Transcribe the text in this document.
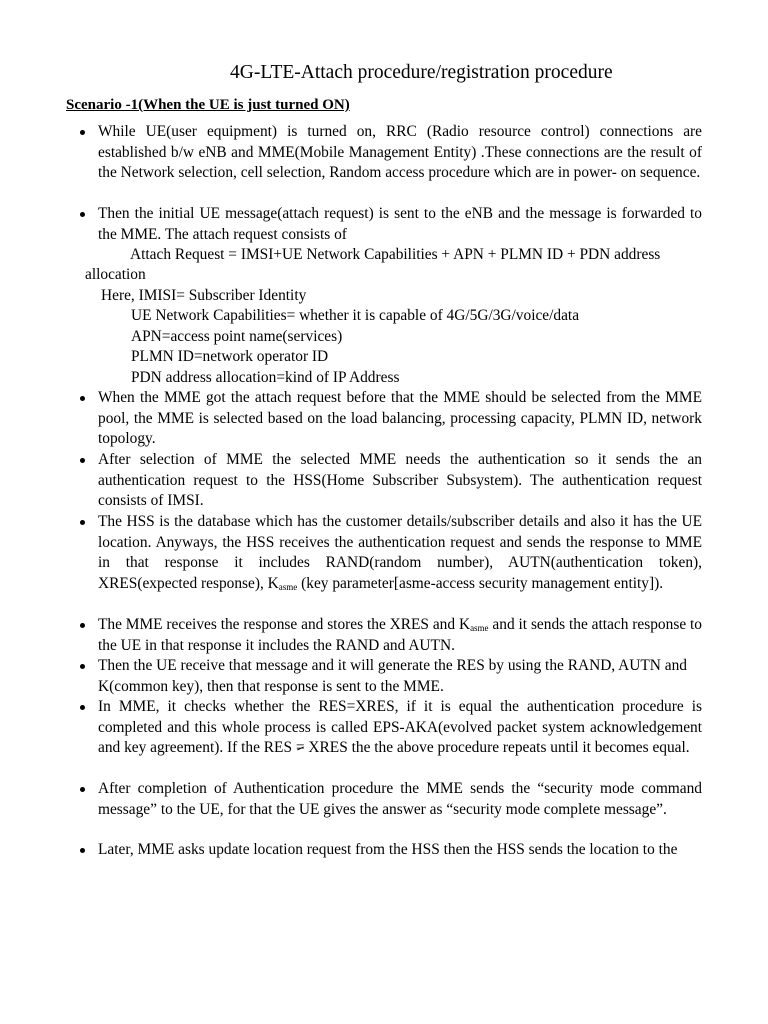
4G-LTE-Attach procedure/registration procedure
Scenario -1(When the UE is just turned ON)
While UE(user equipment) is turned on, RRC (Radio resource control) connections are established b/w eNB and MME(Mobile Management Entity) .These connections are the result of the Network selection, cell selection, Random access procedure which are in power- on sequence.
Then the initial UE message(attach request) is sent to the eNB and the message is forwarded to the MME. The attach request consists of
Attach Request = IMSI+UE Network Capabilities + APN + PLMN ID + PDN address
allocation
Here, IMISI= Subscriber Identity
UE Network Capabilities= whether it is capable of 4G/5G/3G/voice/data
APN=access point name(services)
PLMN ID=network operator ID
PDN address allocation=kind of IP Address
When the MME got the attach request before that the MME should be selected from the MME pool, the MME is selected based on the load balancing, processing capacity, PLMN ID, network topology.
After selection of MME the selected MME needs the authentication so it sends the an authentication request to the HSS(Home Subscriber Subsystem). The authentication request consists of IMSI.
The HSS is the database which has the customer details/subscriber details and also it has the UE location. Anyways, the HSS receives the authentication request and sends the response to MME in that response it includes RAND(random number), AUTN(authentication token), XRES(expected response), $K_{asme}$ (key parameter[asme-access security management entity]).
The MME receives the response and stores the XRES and $K_{asme}$ and it sends the attach response to the UE in that response it includes the RAND and AUTN.
Then the UE receive that message and it will generate the RES by using the RAND, AUTN and K(common key), then that response is sent to the MME.
In MME, it checks whether the RES=XRES, if it is equal the authentication procedure is completed and this whole process is called EPS-AKA(evolved packet system acknowledgement and key agreement). If the RES = XRES the the above procedure repeats until it becomes equal.
After completion of Authentication procedure the MME sends the “security mode command message” to the UE, for that the UE gives the answer as “security mode complete message”.
Later, MME asks update location request from the HSS then the HSS sends the location to the
